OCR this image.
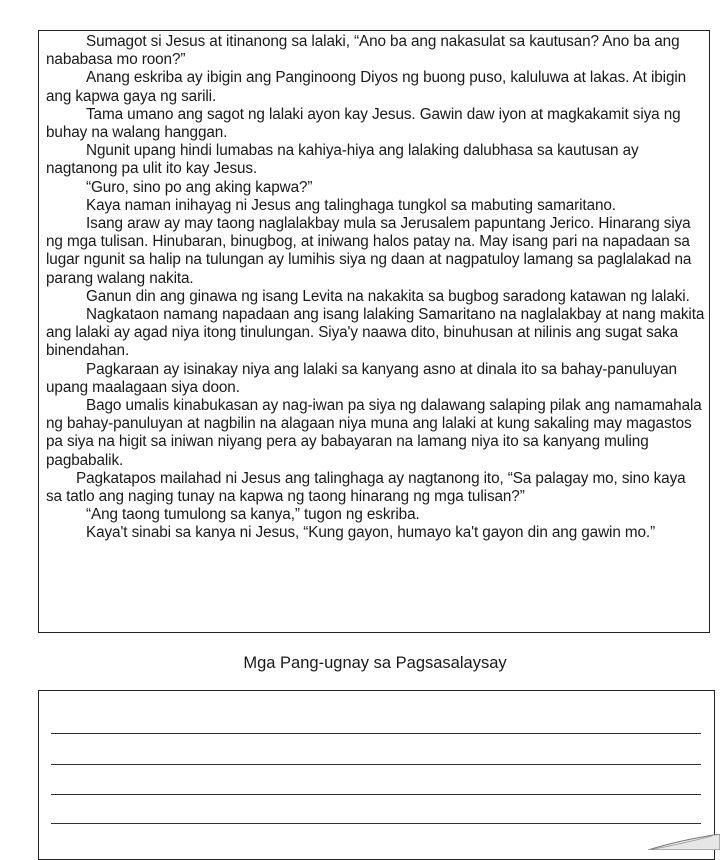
Sumagot si Jesus at itinanong sa lalaki, “Ano ba ang nakasulat sa kautusan? Ano ba ang nababasa mo roon?”

Anang eskriba ay ibigin ang Panginoong Diyos ng buong puso, kaluluwa at lakas. At ibigin ang kapwa gaya ng sarili.

Tama umano ang sagot ng lalaki ayon kay Jesus. Gawin daw iyon at magkakamit siya ng buhay na walang hanggan.

Ngunit upang hindi lumabas na kahiya-hiya ang lalaking dalubhasa sa kautusan ay nagtanong pa ulit ito kay Jesus.

“Guro, sino po ang aking kapwa?”

Kaya naman inihayag ni Jesus ang talinghaga tungkol sa mabuting samaritano.

Isang araw ay may taong naglalakbay mula sa Jerusalem papuntang Jerico. Hinarang siya ng mga tulisan. Hinubaran, binugbog, at iniwang halos patay na. May isang pari na napadaan sa lugar ngunit sa halip na tulungan ay lumihis siya ng daan at nagpatuloy lamang sa paglalakad na parang walang nakita.

Ganun din ang ginawa ng isang Levita na nakakita sa bugbog saradong katawan ng lalaki.

Nagkataon namang napadaan ang isang lalaking Samaritano na naglalakbay at nang makita ang lalaki ay agad niya itong tinulungan. Siya'y naawa dito, binuhusan at nilinis ang sugat saka binendahan.

Pagkaraan ay isinakay niya ang lalaki sa kanyang asno at dinala ito sa bahay-panuluyan upang maalagaan siya doon.

Bago umalis kinabukasan ay nag-iwan pa siya ng dalawang salaping pilak ang namamahala ng bahay-panuluyan at nagbilin na alagaan niya muna ang lalaki at kung sakaling may magastos pa siya na higit sa iniwan niyang pera ay babayaran na lamang niya ito sa kanyang muling pagbabalik.

Pagkatapos mailahad ni Jesus ang talinghaga ay nagtanong ito, “Sa palagay mo, sino kaya sa tatlo ang naging tunay na kapwa ng taong hinarang ng mga tulisan?”

“Ang taong tumulong sa kanya,” tugon ng eskriba.

Kaya't sinabi sa kanya ni Jesus, “Kung gayon, humayo ka't gayon din ang gawin mo.”

Mga Pang-ugnay sa Pagsasalaysay
